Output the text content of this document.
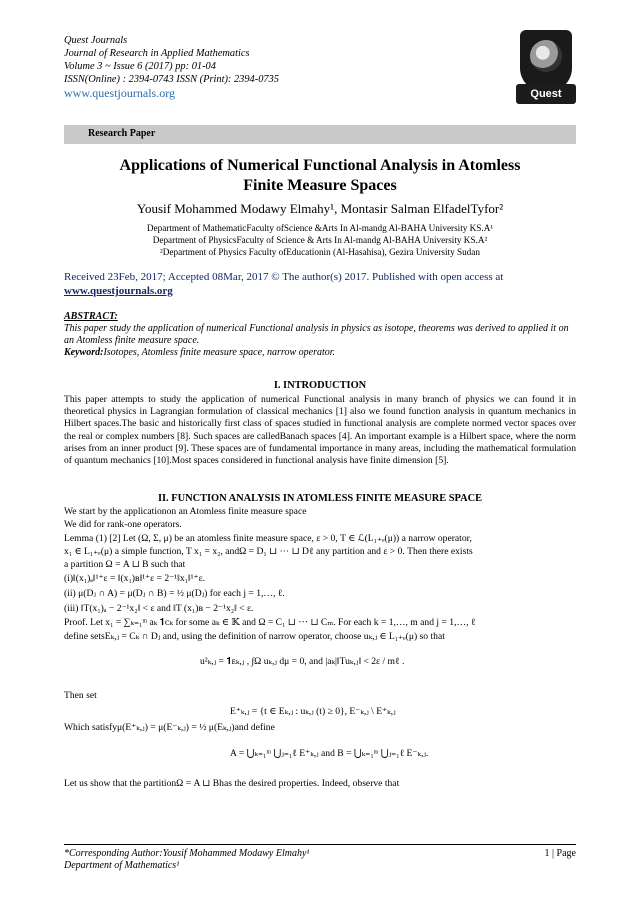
Quest Journals
Journal of Research in Applied Mathematics
Volume 3 ~ Issue 6 (2017) pp: 01-04
ISSN(Online) : 2394-0743 ISSN (Print): 2394-0735
www.questjournals.org	Quest
Research Paper
Applications of Numerical Functional Analysis in Atomless
Finite Measure Spaces
Yousif Mohammed Modawy Elmahy¹, Montasir Salman ElfadelTyfor²
Department of MathematicFaculty ofScience &Arts In Al-mandg Al-BAHA University KS.A¹
Department of PhysicsFaculty of Science & Arts In Al-mandg Al-BAHA University KS.A²
²Department of Physics Faculty ofEducationin (Al-Hasahisa), Gezira University Sudan
Received 23Feb, 2017; Accepted 08Mar, 2017 © The author(s) 2017. Published with open access at
www.questjournals.org
ABSTRACT:
This paper study the application of numerical Functional analysis in physics as isotope, theorems was derived to applied it on an Atomless finite measure space.
Keyword:Isotopes, Atomless finite measure space, narrow operator.
I. INTRODUCTION
This paper attempts to study the application of numerical Functional analysis in many branch of physics we can found it in theoretical physics in Lagrangian formulation of classical mechanics [1] also we found function analysis in quantum mechanics in Hilbert spaces.The basic and historically first class of spaces studied in functional analysis are complete normed vector spaces over the real or complex numbers [8]. Such spaces are calledBanach spaces [4]. An important example is a Hilbert space, where the norm arises from an inner product [9]. These spaces are of fundamental importance in many areas, including the mathematical formulation of quantum mechanics [10].Most spaces considered in functional analysis have finite dimension [5].
II. FUNCTION ANALYSIS IN ATOMLESS FINITE MEASURE SPACE
We start by the applicationon an Atomless finite measure space
We did for rank-one operators.
Lemma (1) [2] Let (Ω, Σ, μ) be an atomless finite measure space, ε > 0, T ∈ ℒ(L₁₊ₑ(μ)) a narrow operator,
x₁ ∈ L₁₊ₑ(μ) a simple function, T x₁ = x₂, andΩ = D₁ ⊔ ⋯ ⊔ Dℓ any partition and ε > 0. Then there exists
a partition Ω = A ⊔ B such that
(i)‖(x₁)ₐ‖¹⁺ε = ‖(x₁)ʙ‖¹⁺ε = 2⁻¹‖x₁‖¹⁺ε.
(ii) μ(Dⱼ ∩ A) = μ(Dⱼ ∩ B) = ½ μ(Dⱼ) for each j = 1,…, ℓ.
(iii) ‖T(x₁)ₐ − 2⁻¹x₂‖ < ε and ‖T (x₁)ʙ − 2⁻¹x₂‖ < ε.
Proof. Let x₁ = ∑ₖ₌₁ᵐ aₖ 𝟏ᴄₖ for some aₖ ∈ 𝕂 and Ω = C₁ ⊔ ⋅⋅⋅ ⊔ Cₘ. For each k = 1,…, m and j = 1,…, ℓ
define setsEₖ,ⱼ = Cₖ ∩ Dⱼ and, using the definition of narrow operator, choose uₖ,ⱼ ∈ L₁₊ₑ(μ) so that
u²ₖ,ⱼ = 𝟏ᴇₖ,ⱼ , ∫Ω uₖ,ⱼ dμ = 0, and |aₖ|‖Tuₖ,ⱼ‖ < 2ε / mℓ .
Then set
E⁺ₖ,ⱼ = {t ∈ Eₖ,ⱼ : uₖ,ⱼ (t) ≥ 0}, E⁻ₖ,ⱼ \ E⁺ₖ,ⱼ
Which satisfyμ(E⁺ₖ,ⱼ) = μ(E⁻ₖ,ⱼ) = ½ μ(Eₖ,ⱼ)and define
A = ⋃ₖ₌₁ᵐ ⋃ⱼ₌₁ℓ E⁺ₖ,ⱼ and B = ⋃ₖ₌₁ᵐ ⋃ⱼ₌₁ℓ E⁻ₖ,ⱼ.
Let us show that the partitionΩ = A ⊔ Bhas the desired properties. Indeed, observe that
*Corresponding Author:Yousif Mohammed Modawy Elmahy¹
Department of Mathematics¹
1 | Page
